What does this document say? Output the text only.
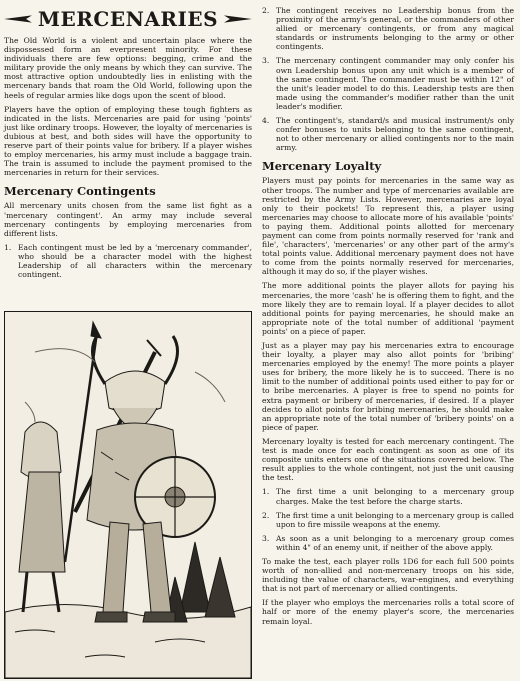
MERCENARIES

The Old World is a violent and uncertain place where the dispossessed form an everpresent minority. For these individuals there are few options: begging, crime and the military provide the only means by which they can survive. The most attractive option undoubtedly lies in enlisting with the mercenary bands that roam the Old World, following upon the heels of regular armies like dogs upon the scent of blood.

Players have the option of employing these tough fighters as indicated in the lists. Mercenaries are paid for using 'points' just like ordinary troops. However, the loyalty of mercenaries is dubious at best, and both sides will have the opportunity to reserve part of their points value for bribery. If a player wishes to employ mercenaries, his army must include a baggage train. The train is assumed to include the payment promised to the mercenaries in return for their services.

Mercenary Contingents

All mercenary units chosen from the same list fight as a 'mercenary contingent'. An army may include several mercenary contingents by employing mercenaries from different lists.

1. Each contingent must be led by a 'mercenary commander', who should be a character model with the highest Leadership of all characters within the mercenary contingent.
2. The contingent receives no Leadership bonus from the proximity of the army's general, or the commanders of other allied or mercenary contingents, or from any magical standards or instruments belonging to the army or other contingents.
3. The mercenary contingent commander may only confer his own Leadership bonus upon any unit which is a member of the same contingent. The commander must be within 12" of the unit's leader model to do this. Leadership tests are then made using the commander's modifier rather than the unit leader's modifier.
4. The contingent's, standard/s and musical instrument/s only confer bonuses to units belonging to the same contingent, not to other mercenary or allied contingents nor to the main army.
Mercenary Loyalty

Players must pay points for mercenaries in the same way as other troops. The number and type of mercenaries available are restricted by the Army Lists. However, mercenaries are loyal only to their pockets! To represent this, a player using mercenaries may choose to allocate more of his available 'points' to paying them. Additional points allotted for mercenary payment can come from points normally reserved for 'rank and file', 'characters', 'mercenaries' or any other part of the army's total points value. Additional mercenary payment does not have to come from the points normally reserved for mercenaries, although it may do so, if the player wishes.

The more additional points the player allots for paying his mercenaries, the more 'cash' he is offering them to fight, and the more likely they are to remain loyal. If a player decides to allot additional points for paying mercenaries, he should make an appropriate note of the total number of additional 'payment points' on a piece of paper.

Just as a player may pay his mercenaries extra to encourage their loyalty, a player may also allot points for 'bribing' mercenaries employed by the enemy! The more points a player uses for bribery, the more likely he is to succeed. There is no limit to the number of additional points used either to pay for or to bribe mercenaries. A player is free to spend no points for extra payment or bribery of mercenaries, if desired. If a player decides to allot points for bribing mercenaries, he should make an appropriate note of the total number of 'bribery points' on a piece of paper.

Mercenary loyalty is tested for each mercenary contingent. The test is made once for each contingent as soon as one of its composite units enters one of the situations covered below. The result applies to the whole contingent, not just the unit causing the test.

1. The first time a unit belonging to a mercenary group charges. Make the test before the charge starts.
2. The first time a unit belonging to a mercenary group is called upon to fire missile weapons at the enemy.
3. As soon as a unit belonging to a mercenary group comes within 4" of an enemy unit, if neither of the above apply.

To make the test, each player rolls 1D6 for each full 500 points worth of non-allied and non-mercenary troops on his side, including the value of characters, war-engines, and everything that is not part of mercenary or allied contingents.

If the player who employs the mercenaries rolls a total score of half or more of the enemy player's score, the mercenaries remain loyal.
